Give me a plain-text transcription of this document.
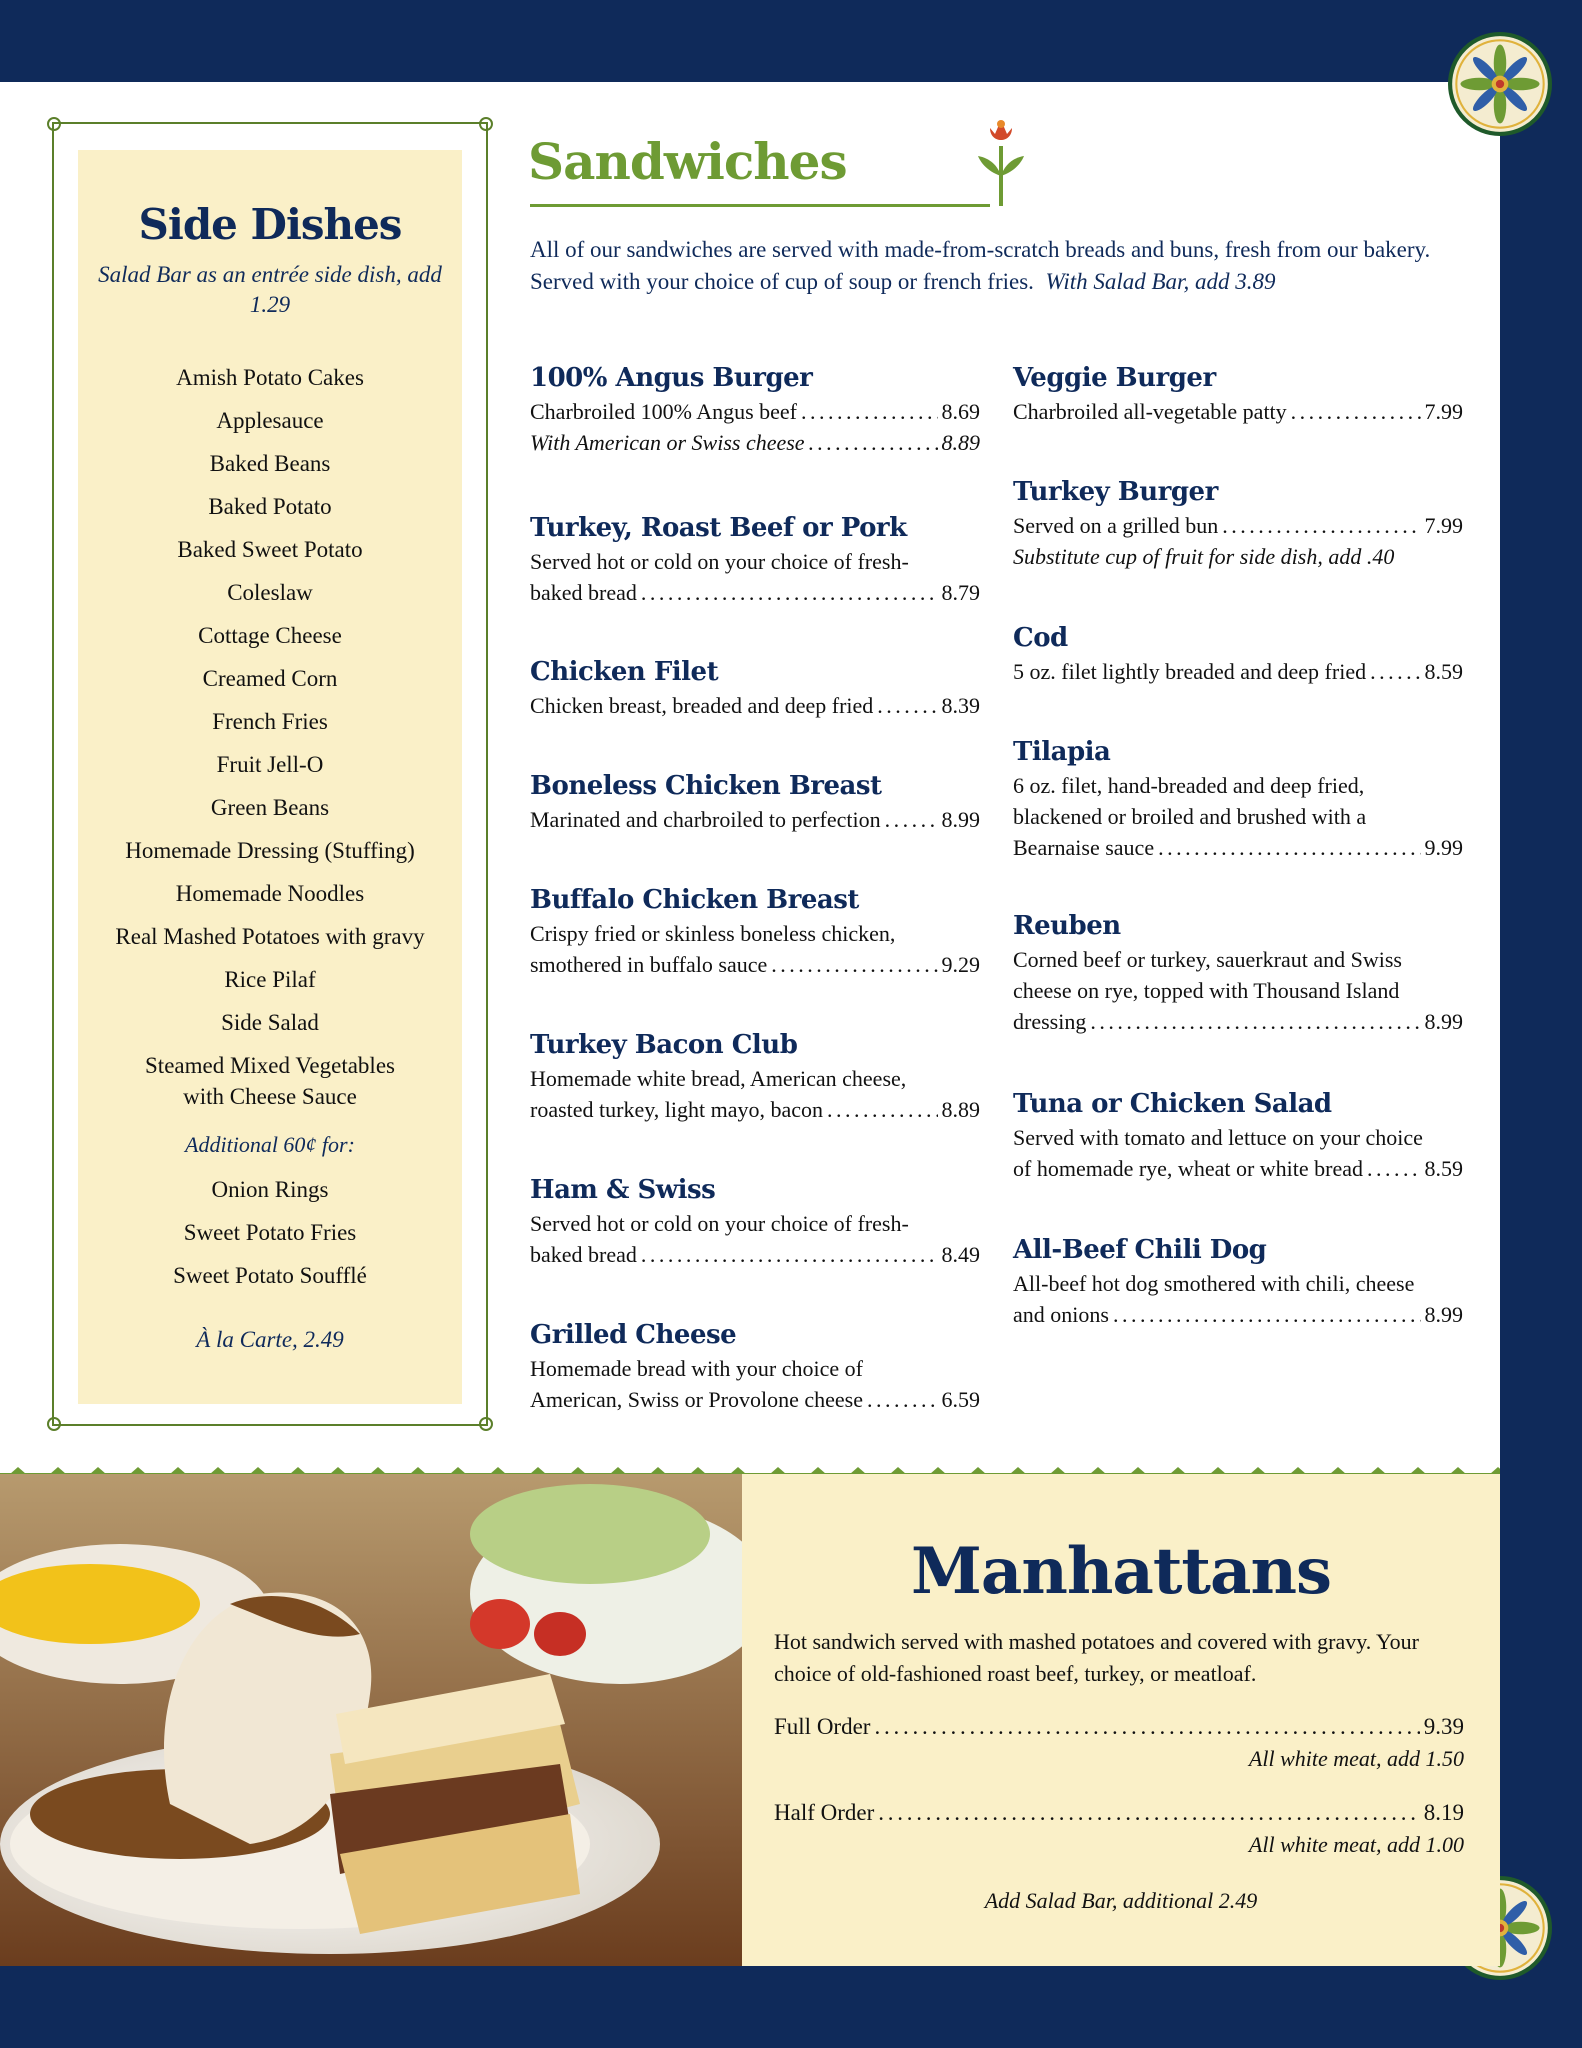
Side Dishes
Salad Bar as an entrée side dish, add 1.29
Amish Potato Cakes
Applesauce
Baked Beans
Baked Potato
Baked Sweet Potato
Coleslaw
Cottage Cheese
Creamed Corn
French Fries
Fruit Jell-O
Green Beans
Homemade Dressing (Stuffing)
Homemade Noodles
Real Mashed Potatoes with gravy
Rice Pilaf
Side Salad
Steamed Mixed Vegetables
with Cheese Sauce
Additional 60¢ for:
Onion Rings
Sweet Potato Fries
Sweet Potato Soufflé
À la Carte, 2.49
Sandwiches
All of our sandwiches are served with made-from-scratch breads and buns, fresh from our bakery. Served with your choice of cup of soup or french fries. With Salad Bar, add 3.89
Manhattans
Hot sandwich served with mashed potatoes and covered with gravy. Your choice of old-fashioned roast beef, turkey, or meatloaf.
Full Order . . .	9.39
All white meat, add 1.50
Half Order . . .	8.19
All white meat, add 1.00
Add Salad Bar, additional 2.49
100% Angus Burger
Charbroiled 100% Angus beef . . .	8.69
With American or Swiss cheese . . .	8.89
Turkey, Roast Beef or Pork
Served hot or cold on your choice of fresh-
baked bread . . .	8.79
Chicken Filet
Chicken breast, breaded and deep fried . . .	8.39
Boneless Chicken Breast
Marinated and charbroiled to perfection . . .	8.99
Buffalo Chicken Breast
Crispy fried or skinless boneless chicken,
smothered in buffalo sauce . . .	9.29
Turkey Bacon Club
Homemade white bread, American cheese,
roasted turkey, light mayo, bacon . . .	8.89
Ham & Swiss
Served hot or cold on your choice of fresh-
baked bread . . .	8.49
Grilled Cheese
Homemade bread with your choice of
American, Swiss or Provolone cheese . . .	6.59
Veggie Burger
Charbroiled all-vegetable patty . . .	7.99
Turkey Burger
Served on a grilled bun . . .	7.99
Substitute cup of fruit for side dish, add .40
Cod
5 oz. filet lightly breaded and deep fried . . .	8.59
Tilapia
6 oz. filet, hand-breaded and deep fried,
blackened or broiled and brushed with a
Bearnaise sauce . . .	9.99
Reuben
Corned beef or turkey, sauerkraut and Swiss
cheese on rye, topped with Thousand Island
dressing . . .	8.99
Tuna or Chicken Salad
Served with tomato and lettuce on your choice
of homemade rye, wheat or white bread . . .	8.59
All-Beef Chili Dog
All-beef hot dog smothered with chili, cheese
and onions . . .	8.99
